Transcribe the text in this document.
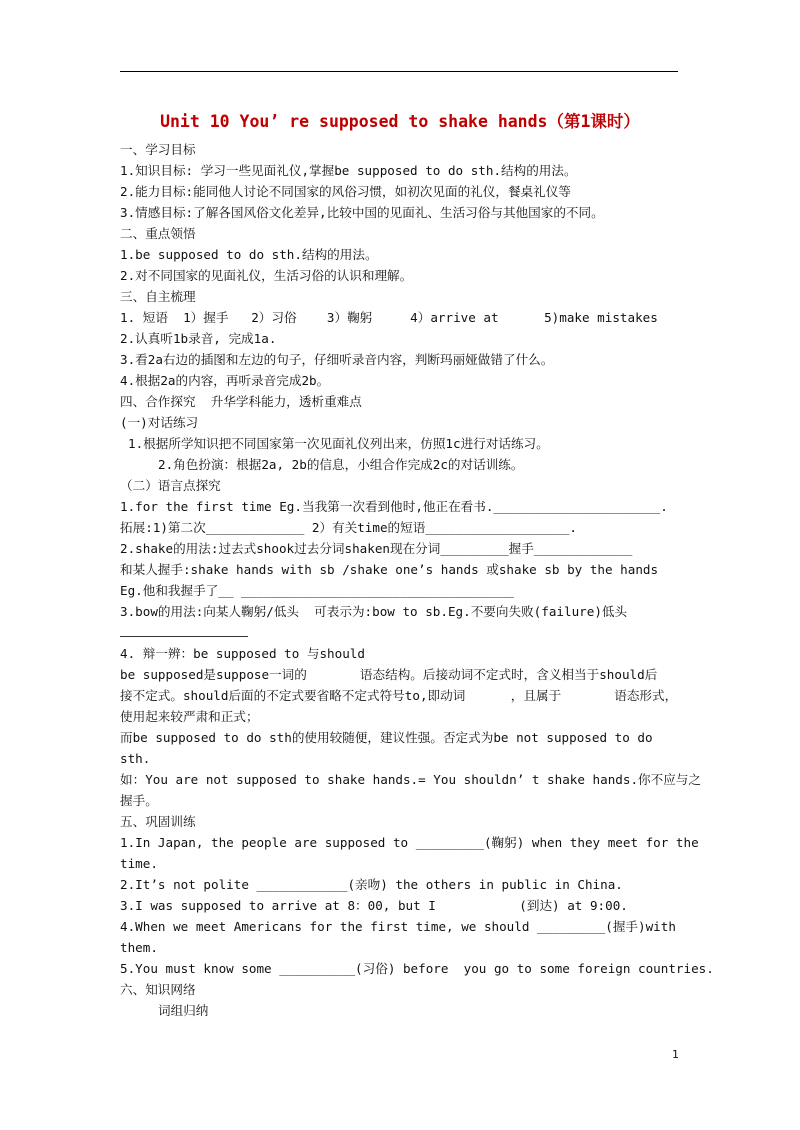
Unit 10 You’ re supposed to shake hands（第1课时）
一、学习目标
1.知识目标: 学习一些见面礼仪,掌握be supposed to do sth.结构的用法。
2.能力目标:能同他人讨论不同国家的风俗习惯，如初次见面的礼仪，餐桌礼仪等
3.情感目标:了解各国风俗文化差异,比较中国的见面礼、生活习俗与其他国家的不同。
二、重点领悟
1.be supposed to do sth.结构的用法。
2.对不同国家的见面礼仪，生活习俗的认识和理解。
三、自主梳理
1. 短语  1）握手   2）习俗    3）鞠躬     4）arrive at      5)make mistakes
2.认真听1b录音, 完成1a.
3.看2a右边的插图和左边的句子，仔细听录音内容，判断玛丽娅做错了什么。
4.根据2a的内容，再听录音完成2b。
四、合作探究  升华学科能力，透析重难点
(一)对话练习
1.根据所学知识把不同国家第一次见面礼仪列出来，仿照1c进行对话练习。
2.角色扮演：根据2a, 2b的信息，小组合作完成2c的对话训练。
（二）语言点探究
1.for the first time Eg.当我第一次看到他时,他正在看书.______________________.
拓展:1)第二次_____________ 2）有关time的短语___________________.
2.shake的用法:过去式shook过去分词shaken现在分词_________握手_____________
和某人握手:shake hands with sb /shake one’s hands 或shake sb by the hands
Eg.他和我握手了__ ____________________________________
3.bow的用法:向某人鞠躬/低头  可表示为:bow to sb.Eg.不要向失败(failure)低头
4. 辩一辨：be supposed to 与should
be supposed是suppose一词的       语态结构。后接动词不定式时，含义相当于should后
接不定式。should后面的不定式要省略不定式符号to,即动词      ，且属于       语态形式，
使用起来较严肃和正式；
而be supposed to do sth的使用较随便，建议性强。否定式为be not supposed to do
sth.
如：You are not supposed to shake hands.= You shouldn’ t shake hands.你不应与之
握手。
五、巩固训练
1.In Japan, the people are supposed to _________(鞠躬) when they meet for the
time.
2.It’s not polite ____________(亲吻) the others in public in China.
3.I was supposed to arrive at 8：00, but I           (到达) at 9:00.
4.When we meet Americans for the first time, we should _________(握手)with
them.
5.You must know some __________(习俗) before  you go to some foreign countries.
六、知识网络
词组归纳
1
